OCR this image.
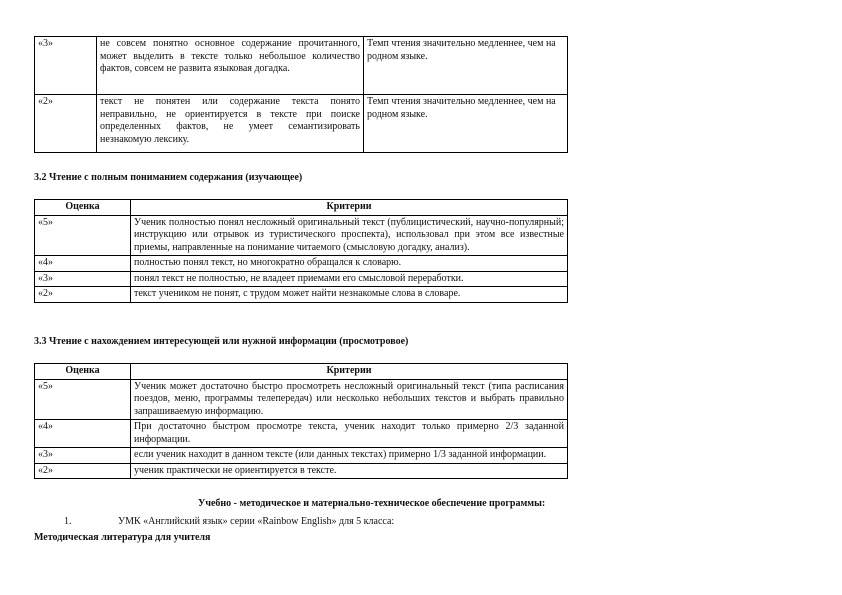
«3»	не совсем понятно основное содержание прочитанного, может выделить в тексте только небольшое количество фактов, совсем не развита языковая догадка.	Темп чтения значительно медленнее, чем на родном языке.
«2»	текст не понятен или содержание текста понято неправильно, не ориентируется в тексте при поиске определенных фактов, не умеет семантизировать незнакомую лексику.	Темп чтения значительно медленнее, чем на родном языке.
3.2 Чтение с полным пониманием содержания (изучающее)
Оценка	Критерии
«5»	Ученик полностью понял несложный оригинальный текст (публицистический, научно-популярный; инструкцию или отрывок из туристического проспекта), использовал при этом все известные приемы, направленные на понимание читаемого (смысловую догадку, анализ).
«4»	полностью понял текст, но многократно обращался к словарю.
«3»	понял текст не полностью, не владеет приемами его смысловой переработки.
«2»	текст учеником не понят, с трудом может найти незнакомые слова в словаре.
3.3 Чтение с нахождением интересующей или нужной информации (просмотровое)
Оценка	Критерии
«5»	Ученик может достаточно быстро просмотреть несложный оригинальный текст (типа расписания поездов, меню, программы телепередач) или несколько небольших текстов и выбрать правильно запрашиваемую информацию.
«4»	При достаточно быстром просмотре текста, ученик находит только примерно 2/3 заданной информации.
«3»	если ученик находит в данном тексте (или данных текстах) примерно 1/3 заданной информации.
«2»	ученик практически не ориентируется в тексте.
Учебно - методическое и материально-техническое обеспечение программы:
1.	УМК «Английский язык» серии «Rainbow English» для 5 класса:
Методическая литература для учителя
